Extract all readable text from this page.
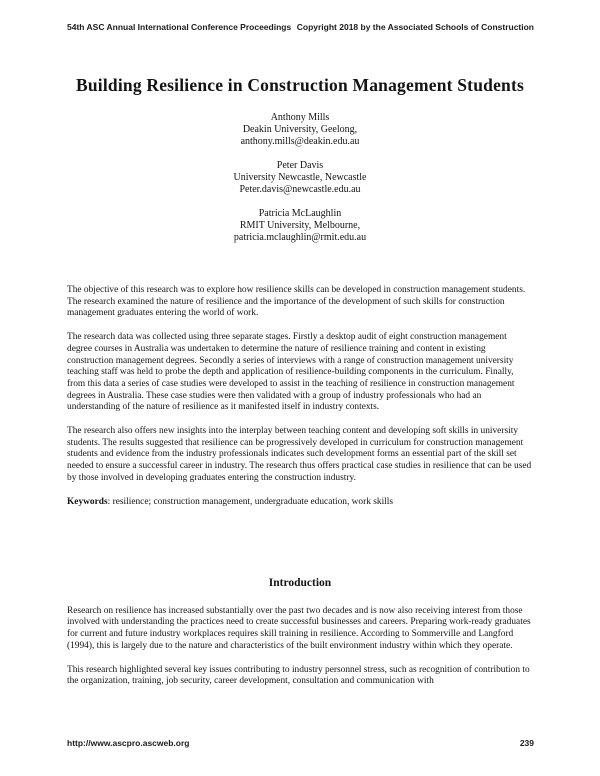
54th ASC Annual International Conference Proceedings Copyright 2018 by the Associated Schools of Construction
Building Resilience in Construction Management Students
Anthony Mills
Deakin University, Geelong,
anthony.mills@deakin.edu.au
Peter Davis
University Newcastle, Newcastle
Peter.davis@newcastle.edu.au
Patricia McLaughlin
RMIT University, Melbourne,
patricia.mclaughlin@rmit.edu.au

The objective of this research was to explore how resilience skills can be developed in construction management students. The research examined the nature of resilience and the importance of the development of such skills for construction management graduates entering the world of work.

The research data was collected using three separate stages. Firstly a desktop audit of eight construction management degree courses in Australia was undertaken to determine the nature of resilience training and content in existing construction management degrees. Secondly a series of interviews with a range of construction management university teaching staff was held to probe the depth and application of resilience-building components in the curriculum. Finally, from this data a series of case studies were developed to assist in the teaching of resilience in construction management degrees in Australia. These case studies were then validated with a group of industry professionals who had an understanding of the nature of resilience as it manifested itself in industry contexts.

The research also offers new insights into the interplay between teaching content and developing soft skills in university students. The results suggested that resilience can be progressively developed in curriculum for construction management students and evidence from the industry professionals indicates such development forms an essential part of the skill set needed to ensure a successful career in industry. The research thus offers practical case studies in resilience that can be used by those involved in developing graduates entering the construction industry.

Keywords: resilience; construction management, undergraduate education, work skills
Introduction

Research on resilience has increased substantially over the past two decades and is now also receiving interest from those involved with understanding the practices need to create successful businesses and careers. Preparing work-ready graduates for current and future industry workplaces requires skill training in resilience. According to Sommerville and Langford (1994), this is largely due to the nature and characteristics of the built environment industry within which they operate.

This research highlighted several key issues contributing to industry personnel stress, such as recognition of contribution to the organization, training, job security, career development, consultation and communication with

http://www.ascpro.ascweb.org	239
